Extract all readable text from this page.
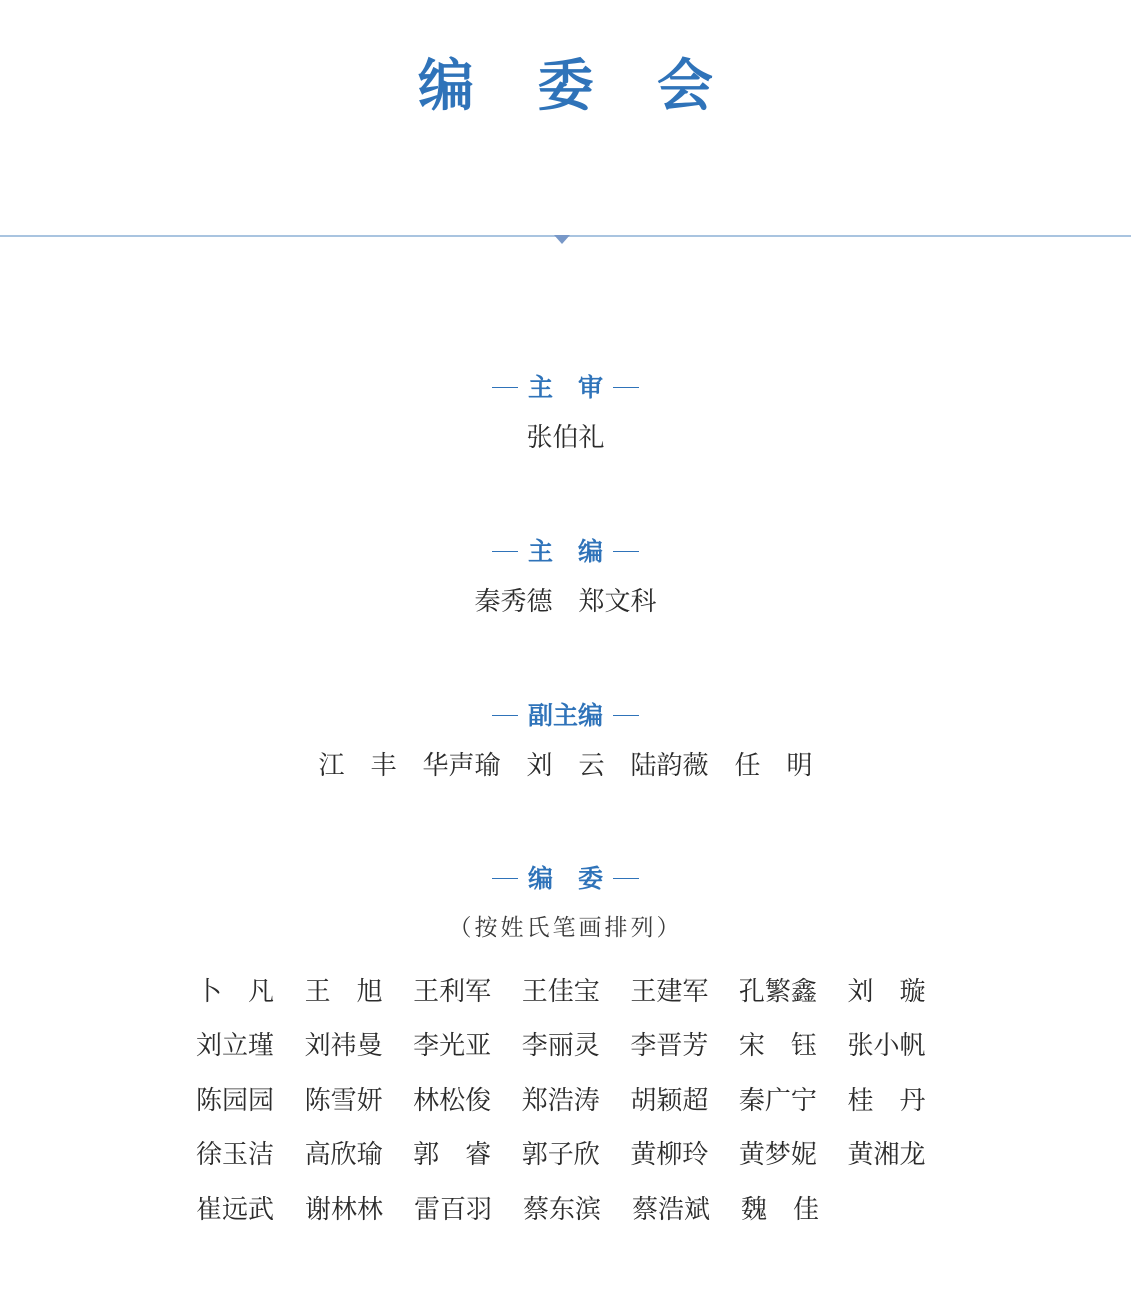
编 委 会
主　审
张伯礼
主　编
秦秀德　郑文科
副主编
江　丰　华声瑜　刘　云　陆韵薇　任　明
编　委
（按姓氏笔画排列）
卜　凡	王　旭	王利军	王佳宝	王建军	孔繁鑫	刘　璇
刘立瑾	刘祎曼	李光亚	李丽灵	李晋芳	宋　钰	张小帆
陈园园	陈雪妍	林松俊	郑浩涛	胡颖超	秦广宁	桂　丹
徐玉洁	高欣瑜	郭　睿	郭子欣	黄柳玲	黄梦妮	黄湘龙
崔远武	谢林林	雷百羽	蔡东滨	蔡浩斌	魏　佳
